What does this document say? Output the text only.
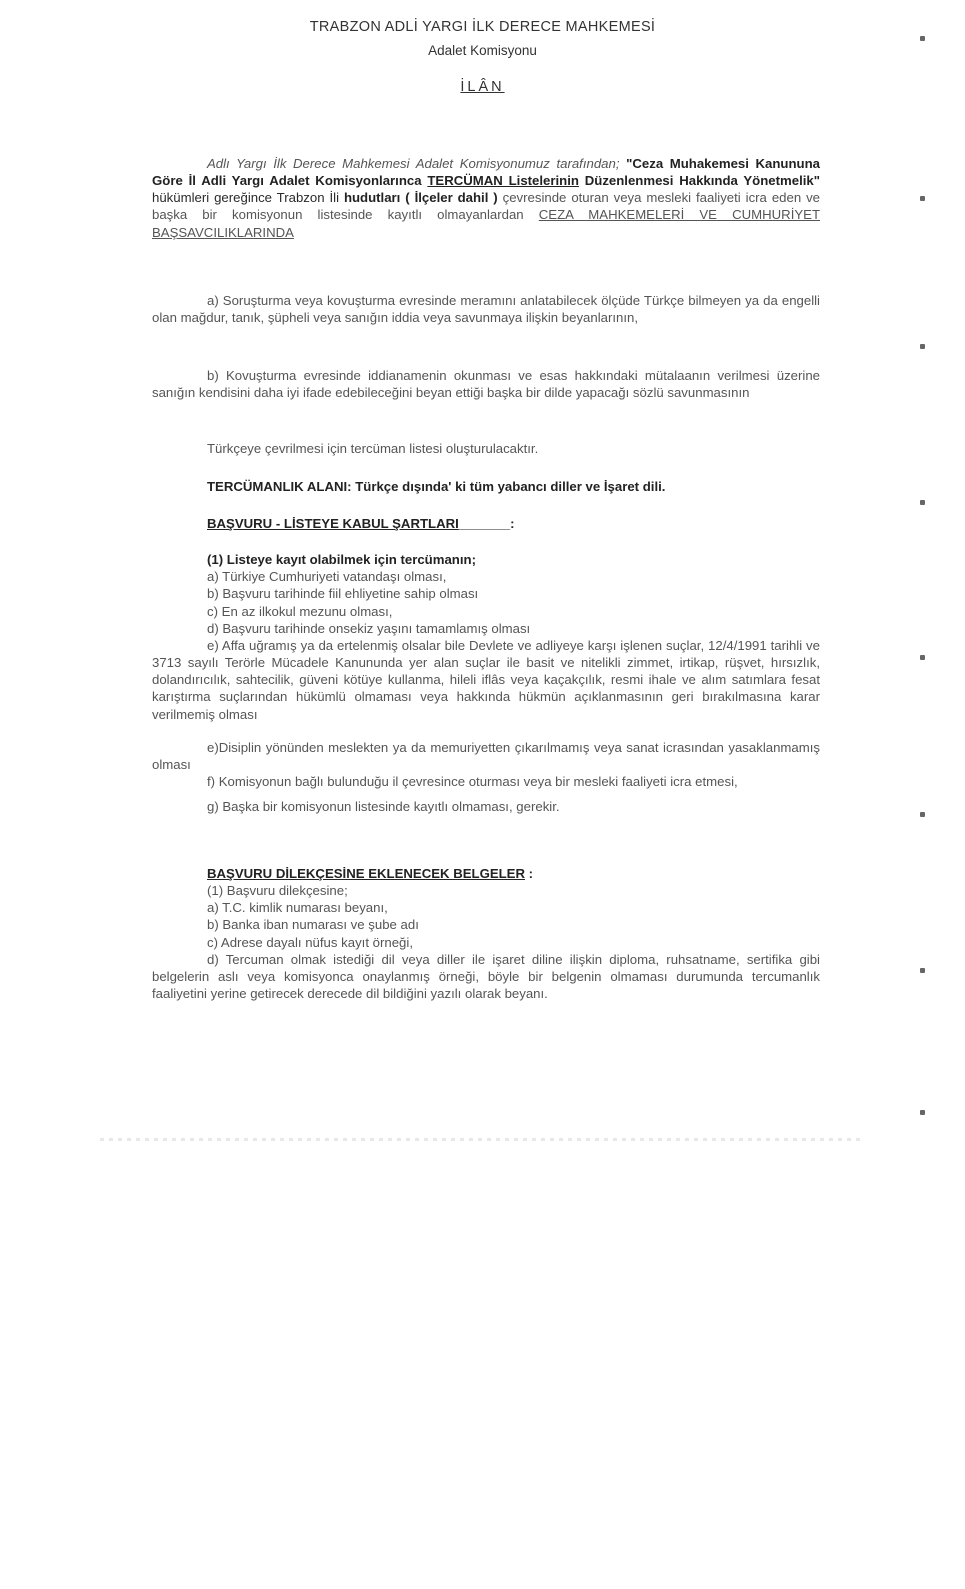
TRABZON ADLİ YARGI İLK DERECE MAHKEMESİ
Adalet Komisyonu
İLÂN

Adlı Yargı İlk Derece Mahkemesi Adalet Komisyonumuz tarafından; "Ceza Muhakemesi Kanununa Göre İl Adli Yargı Adalet Komisyonlarınca TERCÜMAN Listelerinin Düzenlenmesi Hakkında Yönetmelik" hükümleri gereğince Trabzon İli hudutları ( İlçeler dahil ) çevresinde oturan veya mesleki faaliyeti icra eden ve başka bir komisyonun listesinde kayıtlı olmayanlardan CEZA MAHKEMELERİ VE CUMHURİYET BAŞSAVCILIKLARINDA

a) Soruşturma veya kovuşturma evresinde meramını anlatabilecek ölçüde Türkçe bilmeyen ya da engelli olan mağdur, tanık, şüpheli veya sanığın iddia veya savunmaya ilişkin beyanlarının,

b) Kovuşturma evresinde iddianamenin okunması ve esas hakkındaki mütalaanın verilmesi üzerine sanığın kendisini daha iyi ifade edebileceğini beyan ettiği başka bir dilde yapacağı sözlü savunmasının

Türkçeye çevrilmesi için tercüman listesi oluşturulacaktır.

TERCÜMANLIK ALANI: Türkçe dışında' ki tüm yabancı diller ve İşaret dili.

BAŞVURU - LİSTEYE KABUL ŞARTLARI_______:

(1) Listeye kayıt olabilmek için tercümanın;

a) Türkiye Cumhuriyeti vatandaşı olması,

b) Başvuru tarihinde fiil ehliyetine sahip olması

c) En az ilkokul mezunu olması,

d) Başvuru tarihinde onsekiz yaşını tamamlamış olması

e) Affa uğramış ya da ertelenmiş olsalar bile Devlete ve adliyeye karşı işlenen suçlar, 12/4/1991 tarihli ve 3713 sayılı Terörle Mücadele Kanununda yer alan suçlar ile basit ve nitelikli zimmet, irtikap, rüşvet, hırsızlık, dolandırıcılık, sahtecilik, güveni kötüye kullanma, hileli iflâs veya kaçakçılık, resmi ihale ve alım satımlara fesat karıştırma suçlarından hükümlü olmaması veya hakkında hükmün açıklanmasının geri bırakılmasına karar verilmemiş olması

e)Disiplin yönünden meslekten ya da memuriyetten çıkarılmamış veya sanat icrasından yasaklanmamış olması

f) Komisyonun bağlı bulunduğu il çevresince oturması veya bir mesleki faaliyeti icra etmesi,

g) Başka bir komisyonun listesinde kayıtlı olmaması, gerekir.

BAŞVURU DİLEKÇESİNE EKLENECEK BELGELER :

(1) Başvuru dilekçesine;

a) T.C. kimlik numarası beyanı,

b) Banka iban numarası ve şube adı

c) Adrese dayalı nüfus kayıt örneği,

d) Tercuman olmak istediği dil veya diller ile işaret diline ilişkin diploma, ruhsatname, sertifika gibi belgelerin aslı veya komisyonca onaylanmış örneği, böyle bir belgenin olmaması durumunda tercumanlık faaliyetini yerine getirecek derecede dil bildiğini yazılı olarak beyanı.
